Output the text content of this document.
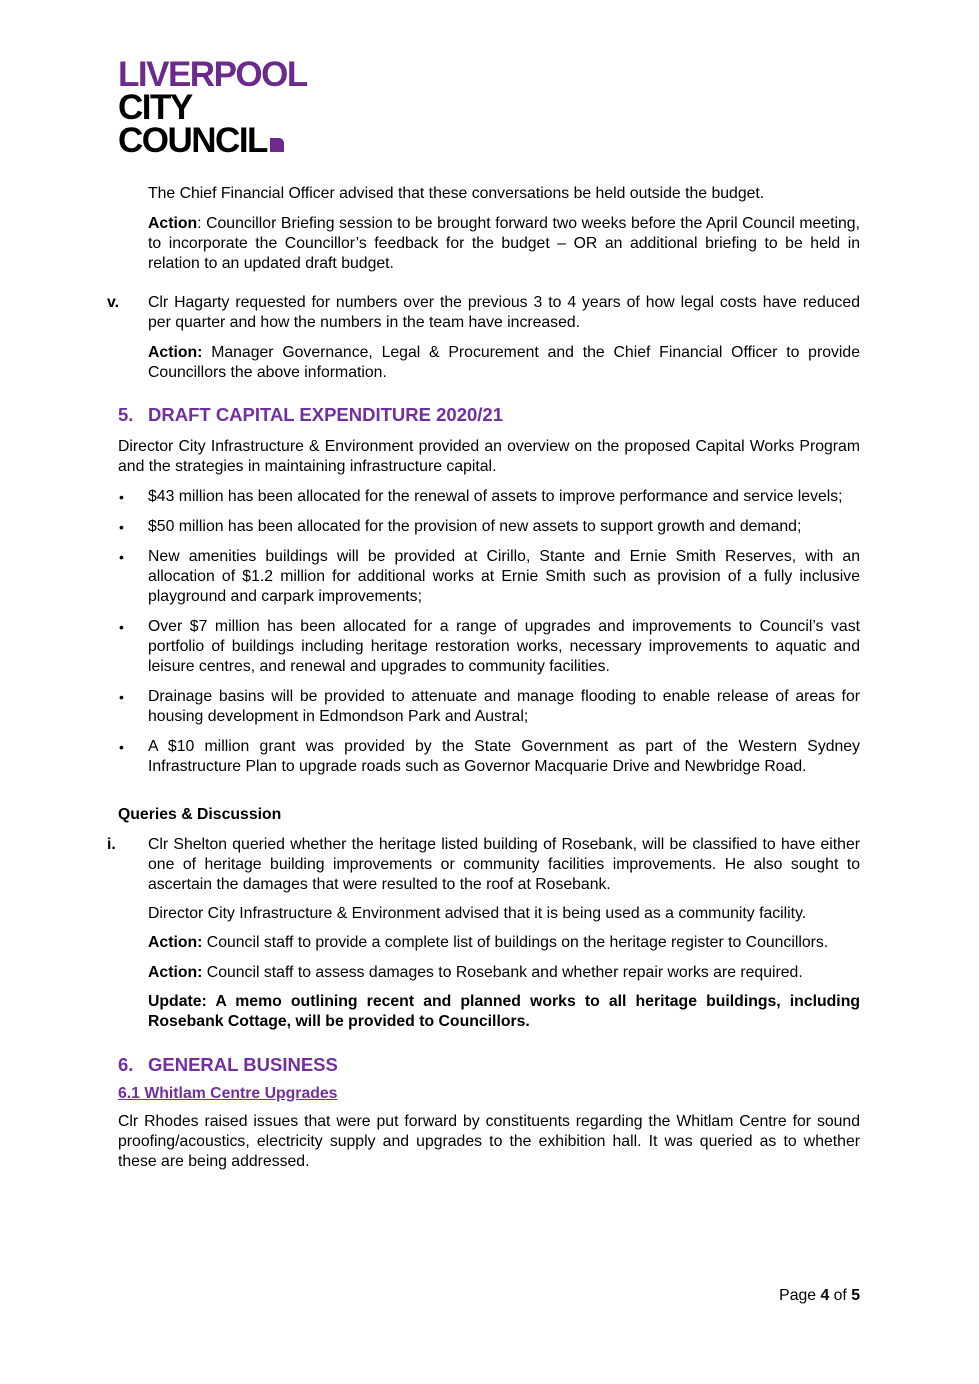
LIVERPOOL
CITY
COUNCIL

The Chief Financial Officer advised that these conversations be held outside the budget.

Action: Councillor Briefing session to be brought forward two weeks before the April Council meeting, to incorporate the Councillor’s feedback for the budget – OR an additional briefing to be held in relation to an updated draft budget.

v. Clr Hagarty requested for numbers over the previous 3 to 4 years of how legal costs have reduced per quarter and how the numbers in the team have increased.

Action: Manager Governance, Legal & Procurement and the Chief Financial Officer to provide Councillors the above information.

5. DRAFT CAPITAL EXPENDITURE 2020/21

Director City Infrastructure & Environment provided an overview on the proposed Capital Works Program and the strategies in maintaining infrastructure capital.

• $43 million has been allocated for the renewal of assets to improve performance and service levels;
• $50 million has been allocated for the provision of new assets to support growth and demand;
• New amenities buildings will be provided at Cirillo, Stante and Ernie Smith Reserves, with an allocation of $1.2 million for additional works at Ernie Smith such as provision of a fully inclusive playground and carpark improvements;
• Over $7 million has been allocated for a range of upgrades and improvements to Council’s vast portfolio of buildings including heritage restoration works, necessary improvements to aquatic and leisure centres, and renewal and upgrades to community facilities.
• Drainage basins will be provided to attenuate and manage flooding to enable release of areas for housing development in Edmondson Park and Austral;
• A $10 million grant was provided by the State Government as part of the Western Sydney Infrastructure Plan to upgrade roads such as Governor Macquarie Drive and Newbridge Road.

Queries & Discussion

i. Clr Shelton queried whether the heritage listed building of Rosebank, will be classified to have either one of heritage building improvements or community facilities improvements. He also sought to ascertain the damages that were resulted to the roof at Rosebank.

Director City Infrastructure & Environment advised that it is being used as a community facility.

Action: Council staff to provide a complete list of buildings on the heritage register to Councillors.

Action: Council staff to assess damages to Rosebank and whether repair works are required.

Update: A memo outlining recent and planned works to all heritage buildings, including Rosebank Cottage, will be provided to Councillors.

6. GENERAL BUSINESS

6.1 Whitlam Centre Upgrades

Clr Rhodes raised issues that were put forward by constituents regarding the Whitlam Centre for sound proofing/acoustics, electricity supply and upgrades to the exhibition hall. It was queried as to whether these are being addressed.

Page 4 of 5
